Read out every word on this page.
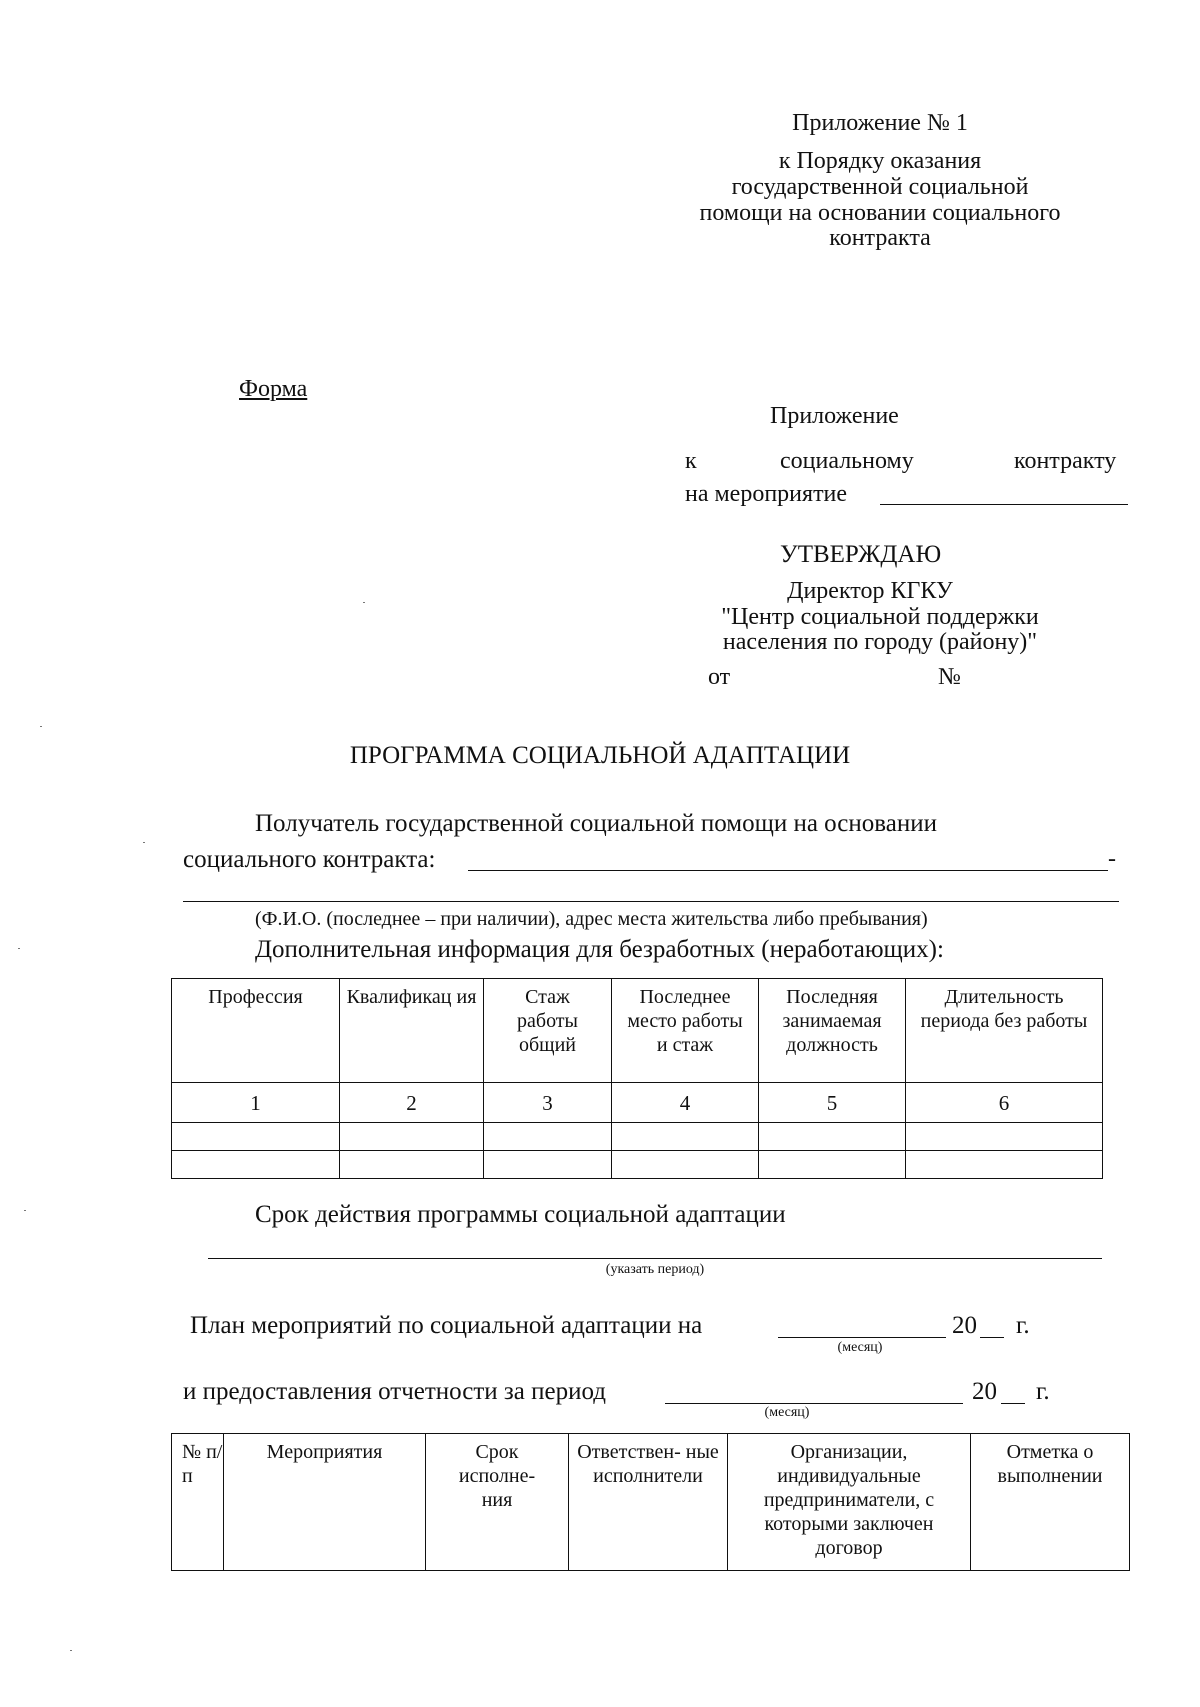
Приложение № 1
к Порядку оказания
государственной социальной
помощи на основании социального
контракта
Форма
Приложение
к	социальному	контракту
на мероприятие
УТВЕРЖДАЮ
Директор КГКУ
"Центр социальной поддержки
населения по городу (району)"
от	№
ПРОГРАММА СОЦИАЛЬНОЙ АДАПТАЦИИ
Получатель государственной социальной помощи на основании
социального контракта:	-
(Ф.И.О. (последнее – при наличии), адрес места жительства либо пребывания)
Дополнительная информация для безработных (неработающих):
Профессия	Квалификац ия	Стаж работы общий	Последнее место работы и стаж	Последняя занимаемая должность	Длительность периода без работы
1	2	3	4	5	6

Срок действия программы социальной адаптации
(указать период)
План мероприятий по социальной адаптации на
(месяц)
20 г.
и предоставления отчетности за период
(месяц)
20 г.
№ п/ п	Мероприятия	Срок исполне- ния	Ответствен- ные исполнители	Организации, индивидуальные предприниматели, с которыми заключен договор	Отметка о выполнении
